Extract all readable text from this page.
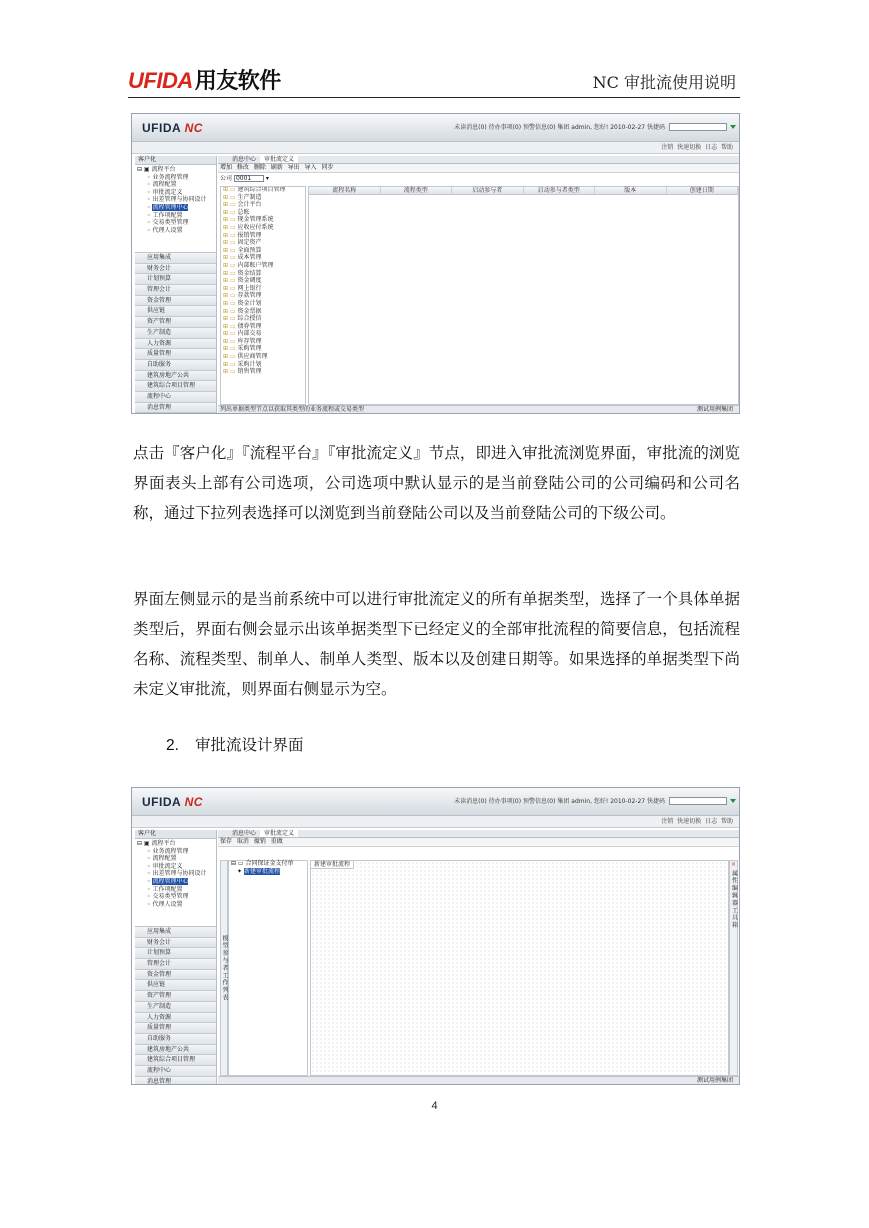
UFIDA用友软件	NC 审批流使用说明
UFIDA NC	未读消息(0) 待办事项(0) 预警信息(0) 集团 admin, 您好! 2010-02-27 快捷码
注销 快速切换 日志 帮助
客户化
⊟ ▣ 流程平台
◦ 业务流程管理
◦ 流程配置
◦ 审批流定义
◦ 出差管理与协同设计
◦ 流程管理中心
◦ 工作项配置
◦ 交易类型管理
◦ 代理人设置
应用集成
财务会计
计划预算
管理会计
资金管理
供应链
资产管理
生产制造
人力资源
质量管理
自助服务
建筑房地产公共
建筑综合项目管理
流程中心
消息管理
消息中心 审批流定义
增加 修改 删除 刷新 导出 导入 同步
公司 0001 ▾
⊞ ▭ 建筑综合项目管理
⊞ ▭ 生产制造
⊞ ▭ 会计平台
⊞ ▭ 总账
⊞ ▭ 现金管理系统
⊞ ▭ 应收应付系统
⊞ ▭ 报销管理
⊞ ▭ 固定资产
⊞ ▭ 全面预算
⊞ ▭ 成本管理
⊞ ▭ 内部账户管理
⊞ ▭ 资金结算
⊞ ▭ 资金调度
⊞ ▭ 网上银行
⊞ ▭ 存款管理
⊞ ▭ 资金计划
⊞ ▭ 资金票据
⊞ ▭ 综合授信
⊞ ▭ 债券管理
⊞ ▭ 内部交易
⊞ ▭ 库存管理
⊞ ▭ 采购管理
⊞ ▭ 供应商管理
⊞ ▭ 采购计划
⊞ ▭ 销售管理
流程名称	流程类型	启动参与者	启动参与者类型	版本	创建日期
列出单据类型节点以获取其类型的业务流程或交易类型	测试用例集团

点击『客户化』『流程平台』『审批流定义』节点，即进入审批流浏览界面，审批流的浏览界面表头上部有公司选项，公司选项中默认显示的是当前登陆公司的公司编码和公司名称，通过下拉列表选择可以浏览到当前登陆公司以及当前登陆公司的下级公司。

界面左侧显示的是当前系统中可以进行审批流定义的所有单据类型，选择了一个具体单据类型后，界面右侧会显示出该单据类型下已经定义的全部审批流程的简要信息，包括流程名称、流程类型、制单人、制单人类型、版本以及创建日期等。如果选择的单据类型下尚未定义审批流，则界面右侧显示为空。

2. 审批流设计界面
UFIDA NC	未读消息(0) 待办事项(0) 预警信息(0) 集团 admin, 您好! 2010-02-27 快捷码
注销 快速切换 日志 帮助
客户化
⊟ ▣ 流程平台
◦ 业务流程管理
◦ 流程配置
◦ 审批流定义
◦ 出差管理与协同设计
◦ 流程管理中心
◦ 工作项配置
◦ 交易类型管理
◦ 代理人设置
应用集成
财务会计
计划预算
管理会计
资金管理
供应链
资产管理
生产制造
人力资源
质量管理
自助服务
建筑房地产公共
建筑综合项目管理
流程中心
消息管理
消息中心 审批流定义
保存 取消 撤销 重做
模型参与者工作列表
⊟ ▭ 合同保证金支付单
✦ 新建审批流程
新建审批流程	×
属性编辑器工具箱
测试用例集团
4
